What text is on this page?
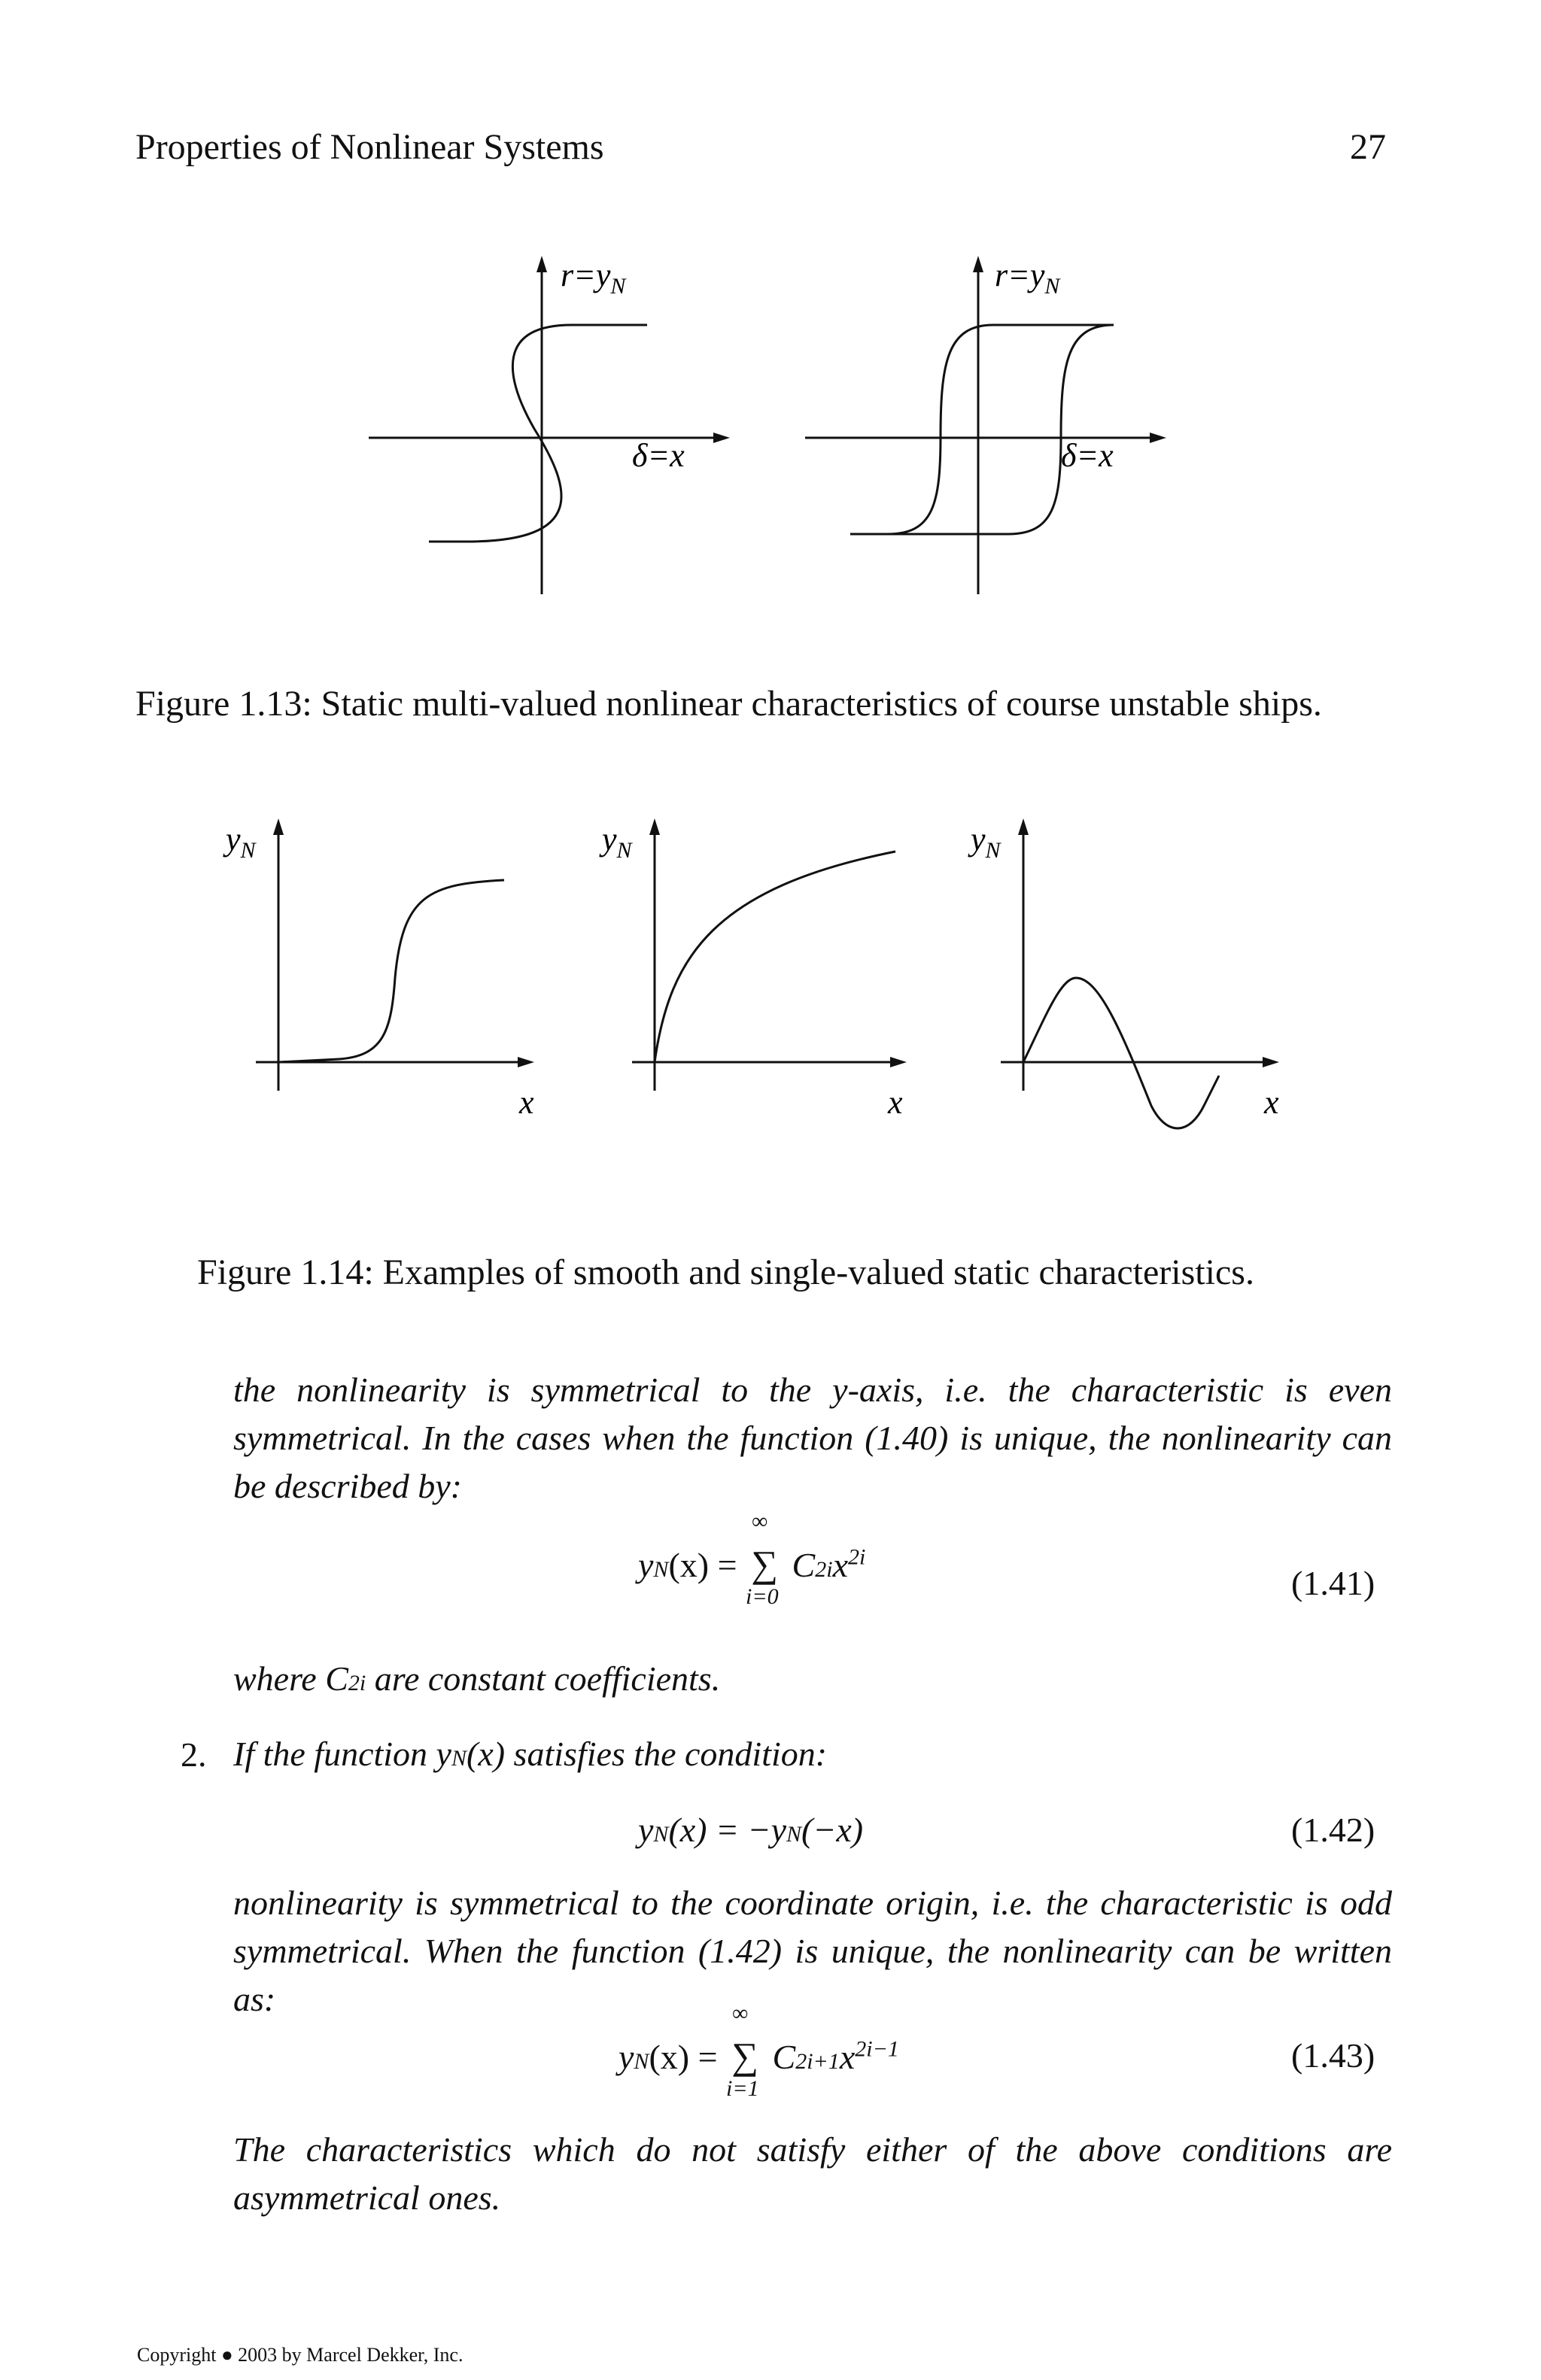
Properties of Nonlinear Systems	27
$r=y_N$
δ=x
$r=y_N$
δ=x
Figure 1.13: Static multi-valued nonlinear characteristics of course unstable ships.
$y_N$
x
$y_N$
x
$y_N$
x
Figure 1.14: Examples of smooth and single-valued static characteristics.
the nonlinearity is symmetrical to the y-axis, i.e. the characteristic is even symmetrical. In the cases when the function (1.40) is unique, the nonlinearity can be described by:
yN(x) =
∞
∑
i=0
$C2ix^{2i}$
(1.41)
where C2i are constant coefficients.
2. If the function yN(x) satisfies the condition:
yN(x) = −yN(−x)	(1.42)
nonlinearity is symmetrical to the coordinate origin, i.e. the characteristic is odd symmetrical. When the function (1.42) is unique, the nonlinearity can be written as:
yN(x) =
∞
∑
i=1
$C2i+1x^{2i-1}$	(1.43)
The characteristics which do not satisfy either of the above conditions are asymmetrical ones.
Copyright ● 2003 by Marcel Dekker, Inc.
